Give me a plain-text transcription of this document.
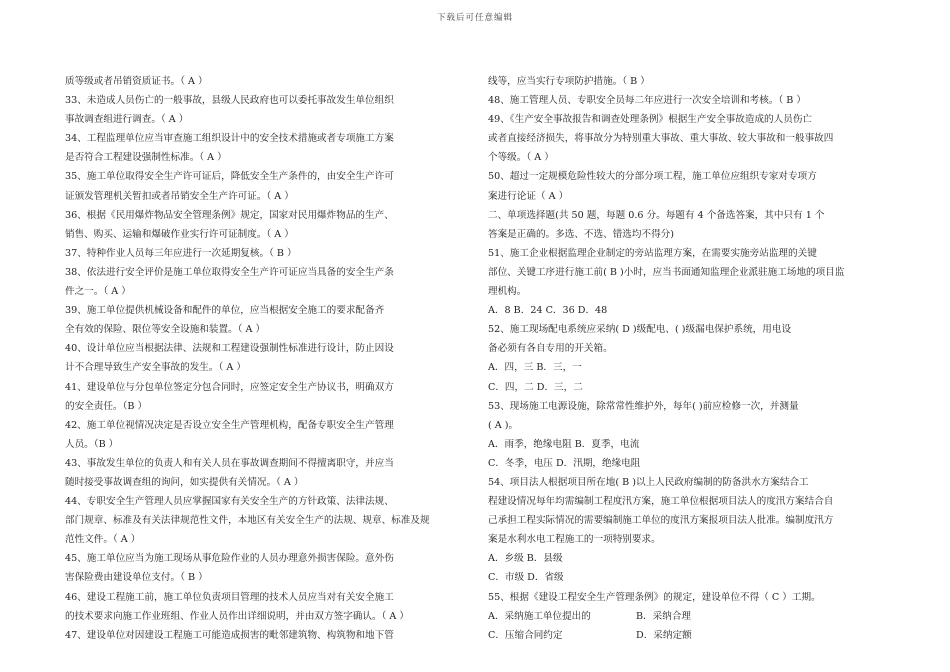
下载后可任意编辑
质等级或者吊销资质证书。（ A ）
33、未造成人员伤亡的一般事故，县级人民政府也可以委托事故发生单位组织
事故调查组进行调查。（ A ）
34、工程监理单位应当审查施工组织设计中的安全技术措施或者专项施工方案
是否符合工程建设强制性标准。（ A ）
35、施工单位取得安全生产许可证后，降低安全生产条件的，由安全生产许可
证颁发管理机关暂扣或者吊销安全生产许可证。（ A ）
36、根据《民用爆炸物品安全管理条例》规定，国家对民用爆炸物品的生产、
销售、购买、运输和爆破作业实行许可证制度。（ A ）
37、特种作业人员每三年应进行一次延期复核。（ B ）
38、依法进行安全评价是施工单位取得安全生产许可证应当具备的安全生产条
件之一。（ A ）
39、施工单位提供机械设备和配件的单位，应当根据安全施工的要求配备齐
全有效的保险、限位等安全设施和装置。（ A ）
40、设计单位应当根据法律、法规和工程建设强制性标准进行设计，防止因设
计不合理导致生产安全事故的发生。（ A ）
41、建设单位与分包单位签定分包合同时，应签定安全生产协议书，明确双方
的安全责任。（B ）
42、施工单位视情况决定是否设立安全生产管理机构，配备专职安全生产管理
人员。（B ）
43、事故发生单位的负责人和有关人员在事故调查期间不得擅离职守，并应当
随时接受事故调查组的询问，如实提供有关情况。（ A ）
44、专职安全生产管理人员应掌握国家有关安全生产的方针政策、法律法规、
部门规章、标准及有关法律规范性文件，本地区有关安全生产的法规、规章、标准及规
范性文件。（ A ）
45、施工单位应当为施工现场从事危险作业的人员办理意外损害保险。意外伤
害保险费由建设单位支付。（ B ）
46、建设工程施工前，施工单位负责项目管理的技术人员应当对有关安全施工
的技术要求向施工作业班组、作业人员作出详细说明，并由双方签字确认。（ A ）
47、建设单位对因建设工程施工可能造成损害的毗邻建筑物、构筑物和地下管
线等，应当实行专项防护措施。（ B ）
48、施工管理人员、专职安全员每二年应进行一次安全培训和考核。（ B ）
49、《生产安全事故报告和调查处理条例》根据生产安全事故造成的人员伤亡
或者直接经济损失，将事故分为特别重大事故、重大事故、较大事故和一般事故四
个等级。（ A ）
50、超过一定规模危险性较大的分部分项工程，施工单位应组织专家对专项方
案进行论证（ A ）
二、单项选择题(共 50 题，每题 0.6 分。每题有 4 个备选答案，其中只有 1 个
答案是正确的。多选、不选、错选均不得分)
51、施工企业根据监理企业制定的旁站监理方案，在需要实施旁站监理的关键
部位、关键工序进行施工前( B )小时，应当书面通知监理企业派驻施工场地的项目监
理机构。
A．8 B．24 C．36 D．48
52、施工现场配电系统应采纳( D )级配电、( )级漏电保护系统，用电设
备必须有各自专用的开关箱。
A．四，三 B．三，一
C．四，二 D．三，二
53、现场施工电源设施，除常常性维护外，每年( )前应检修一次，并测量
( A )。
A．雨季，绝缘电阻 B．夏季，电流
C．冬季，电压 D．汛期，绝缘电阻
54、项目法人根据项目所在地( B )以上人民政府编制的防备洪水方案结合工
程建设情况每年均需编制工程度汛方案，施工单位根据项目法人的度汛方案结合自
己承担工程实际情况的需要编制施工单位的度汛方案报项目法人批准。编制度汛方
案是水利水电工程施工的一项特别要求。
A．乡级 B．县级
C．市级 D．省级
55、根据《建设工程安全生产管理条例》的规定，建设单位不得（ C ）工期。
A．采纳施工单位提出的	B．采纳合理
C．压缩合同约定	D．采纳定额
